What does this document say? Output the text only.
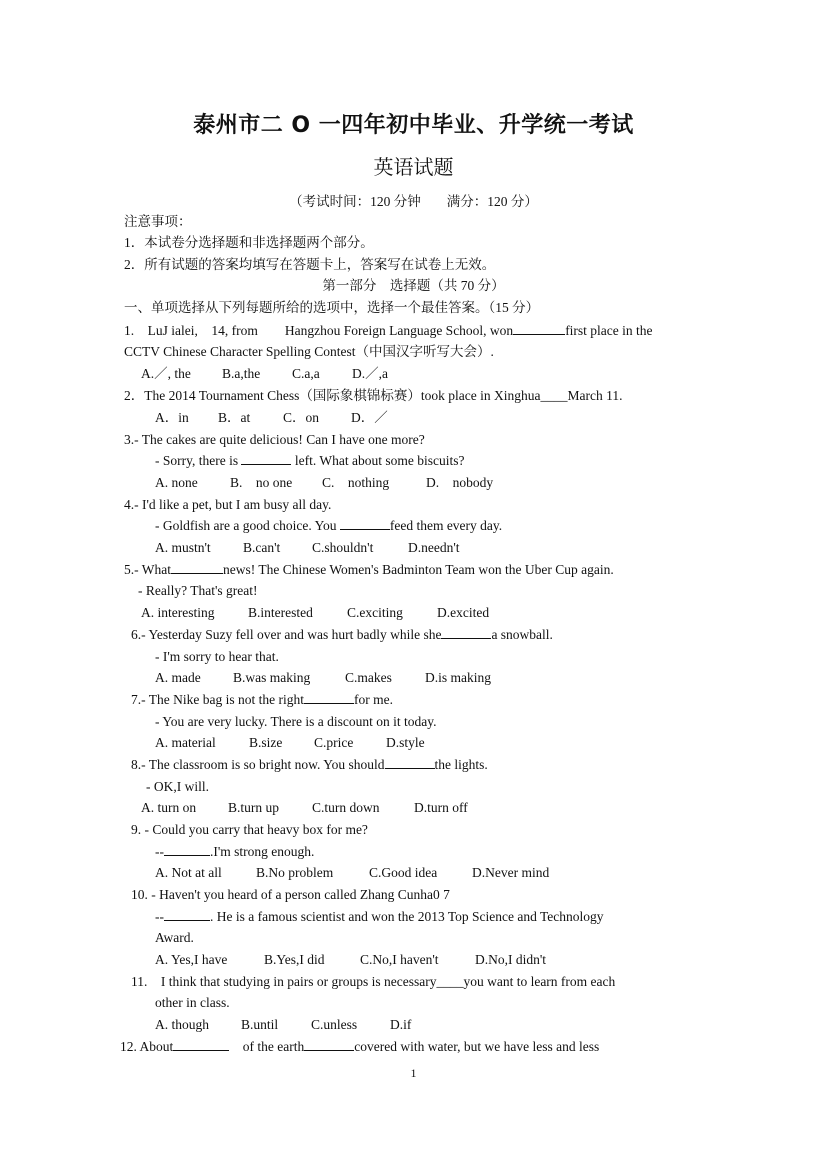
泰州市二 O 一四年初中毕业、升学统一考试
英语试题
（考试时间：120 分钟 满分：120 分）
注意事项：
1．本试卷分选择题和非选择题两个部分。
2．所有试题的答案均填写在答题卡上，答案写在试卷上无效。
第一部分　选择题（共 70 分）
一、单项选择从下列每题所给的选项中，选择一个最佳答案。（15 分）
1.　LuJ ialei,　14, from　　Hangzhou Foreign Language School, won	first place in the
CCTV Chinese Character Spelling Contest（中国汉字听写大会）.
A.／, the B.a,the C.a,a D.／,a
2．The 2014 Tournament Chess（国际象棋锦标赛）took place in Xinghua____March 11.
A．in B．at C．on D．／
3.- The cakes are quite delicious! Can I have one more?
- Sorry, there is	left. What about some biscuits?
A. none B.　no one C.　nothing	D.　nobody
4.- I'd like a pet, but I am busy all day.
- Goldfish are a good choice. You	feed them every day.
A. mustn't B.can't C.shouldn't	D.needn't
5.- What	news! The Chinese Women's Badminton Team won the Uber Cup again.
- Really? That's great!
A. interesting B.interested	C.exciting	D.excited
6.- Yesterday Suzy fell over and was hurt badly while she	a snowball.
- I'm sorry to hear that.
A. made B.was making	C.makes D.is making
7.- The Nike bag is not the right	for me.
- You are very lucky. There is a discount on it today.
A. material B.size C.price D.style
8.- The classroom is so bright now. You should	the lights.
- OK,I will.
A. turn on B.turn up C.turn down	D.turn off
9. - Could you carry that heavy box for me?
--	.I'm strong enough.
A. Not at all	B.No problem	C.Good idea	D.Never mind
10. - Haven't you heard of a person called Zhang Cunha0 7
--	. He is a famous scientist and won the 2013 Top Science and Technology
Award.
A. Yes,I have	B.Yes,I did	C.No,I haven't	D.No,I didn't
11.　I think that studying in pairs or groups is necessary____you want to learn from each
other in class.
A. though B.until C.unless D.if
12. About　	of the earth	covered with water, but we have less and less
1
